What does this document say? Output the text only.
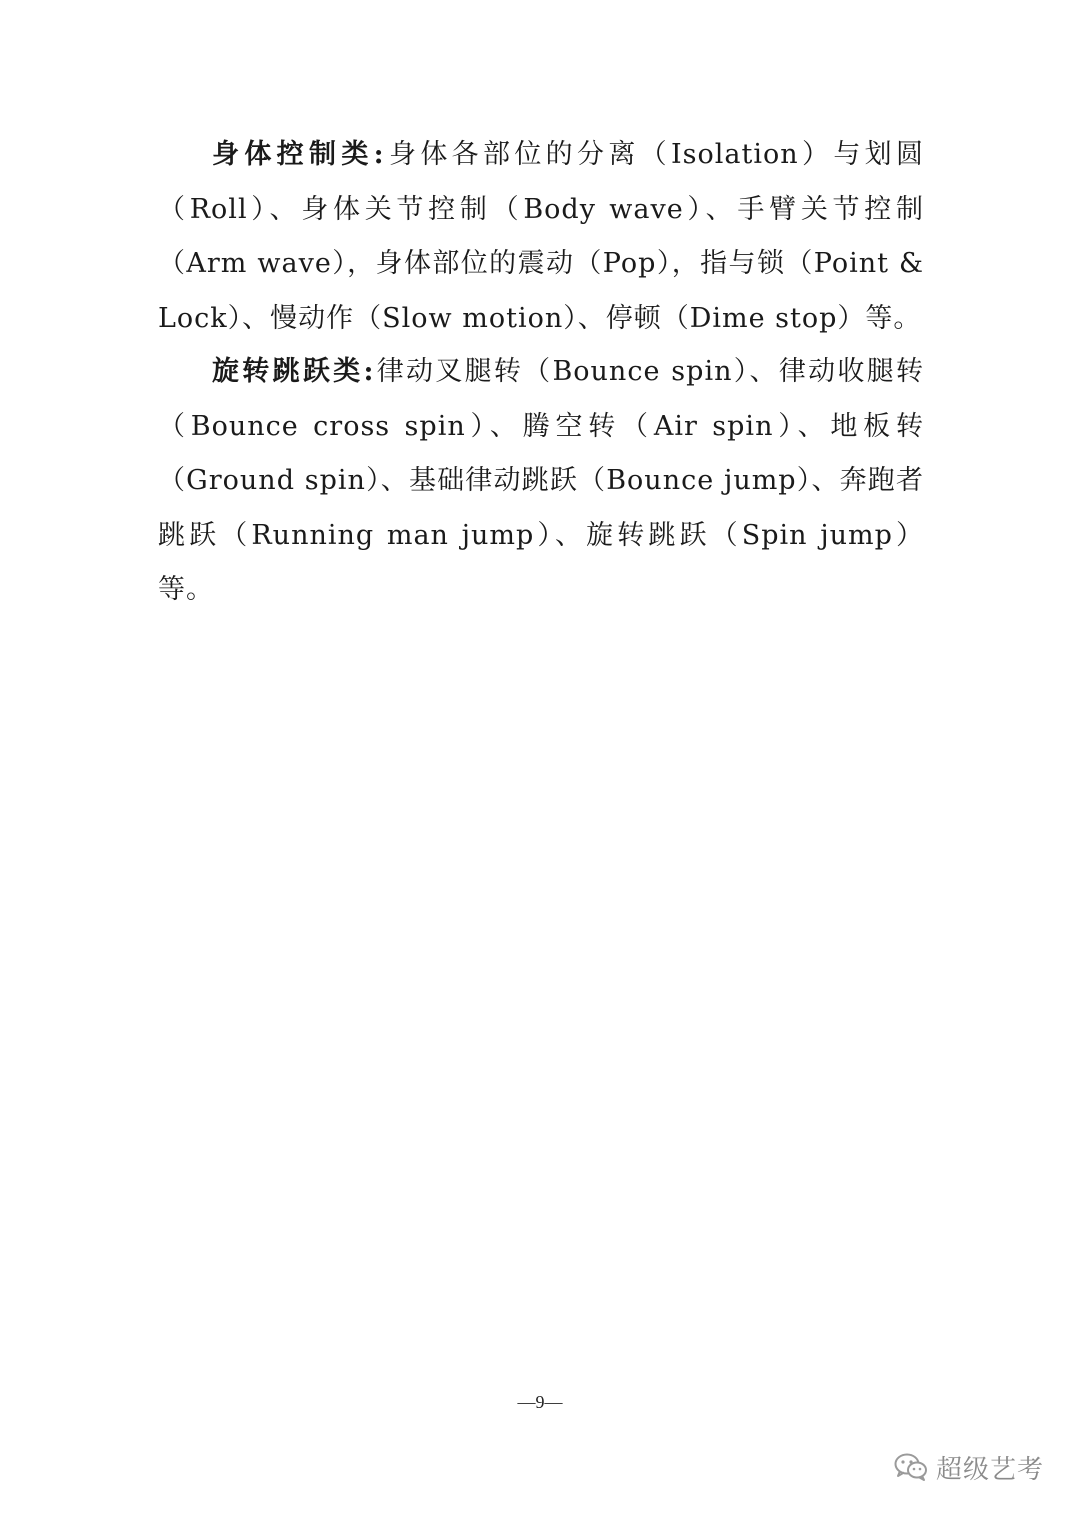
身体控制类:身体各部位的分离（Isolation）与划圆（Roll）、身体关节控制（Body wave）、手臂关节控制（Arm wave），身体部位的震动（Pop），指与锁（Point & Lock）、慢动作（Slow motion）、停顿（Dime stop）等。

旋转跳跃类:律动叉腿转（Bounce spin）、律动收腿转（Bounce cross spin）、腾空转（Air spin）、地板转（Ground spin）、基础律动跳跃（Bounce jump）、奔跑者跳跃（Running man jump）、旋转跳跃（Spin jump）等。

—9—
超级艺考
